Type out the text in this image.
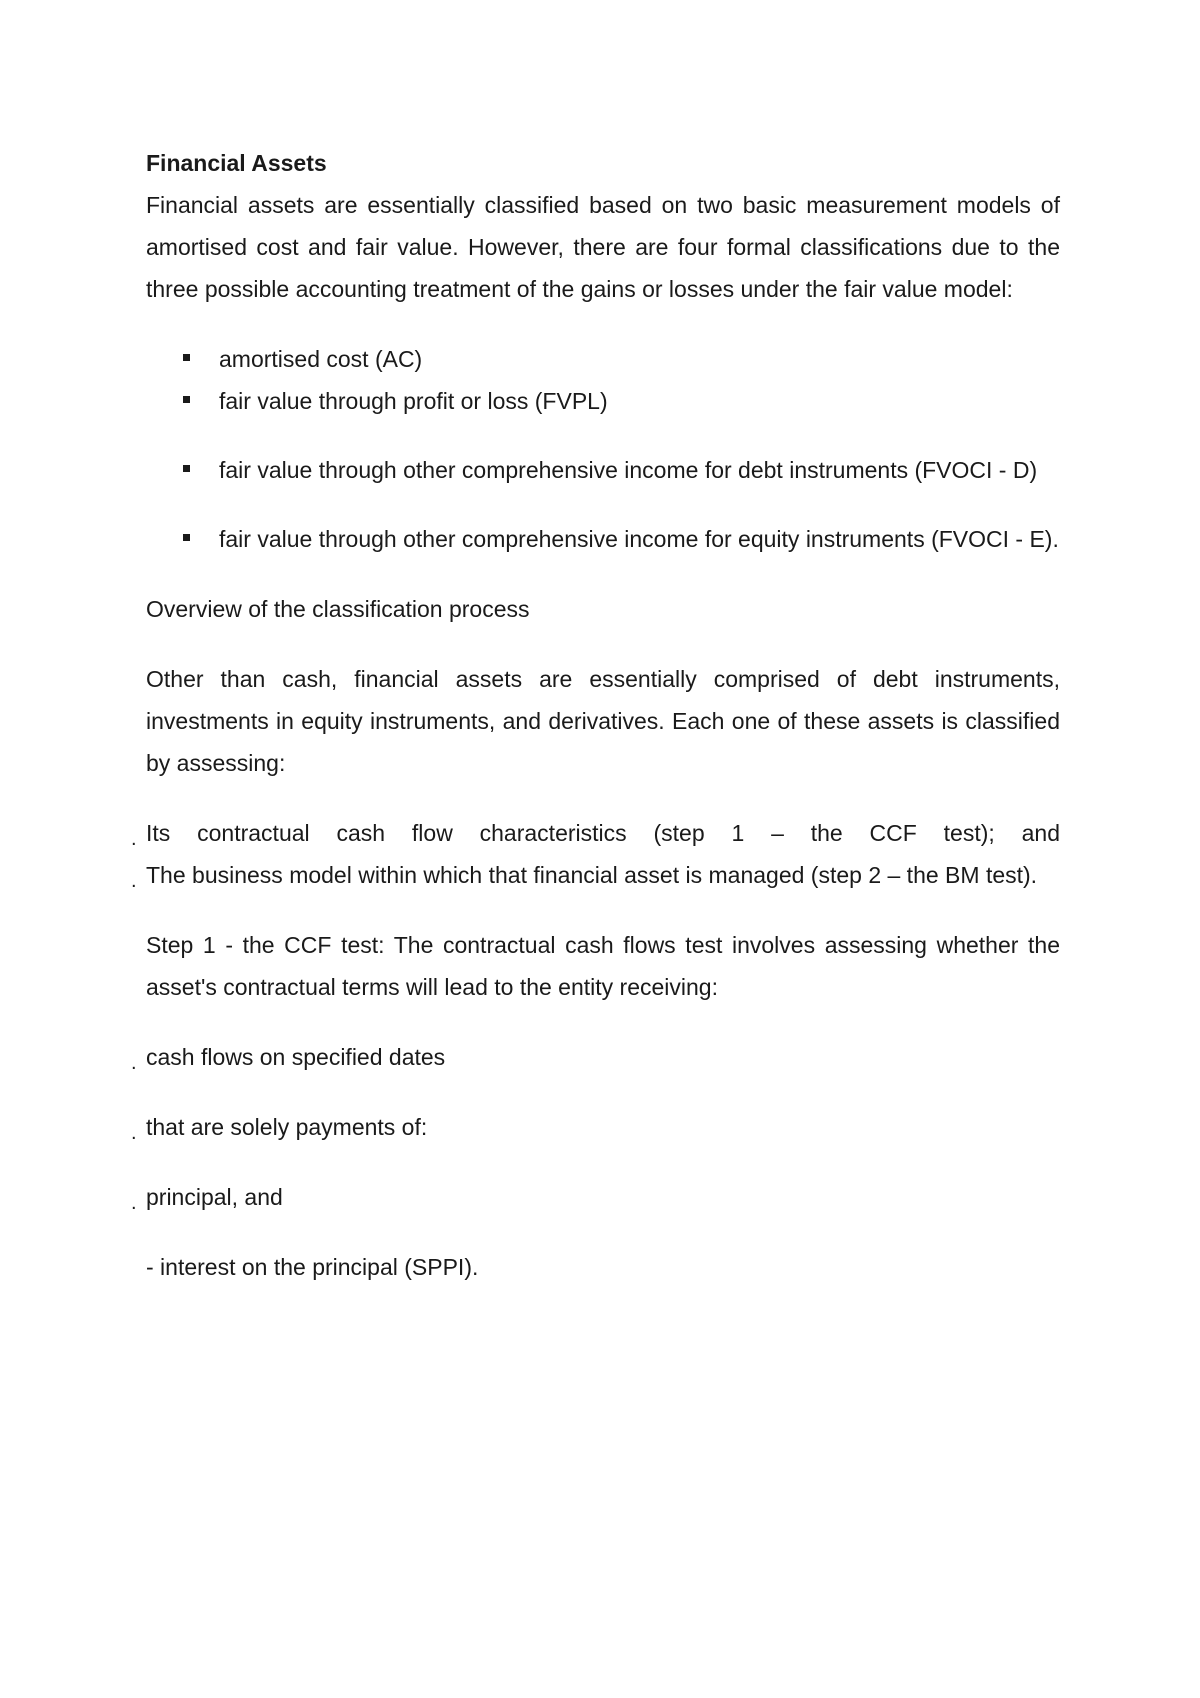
Financial Assets

Financial assets are essentially classified based on two basic measurement models of amortised cost and fair value. However, there are four formal classifications due to the three possible accounting treatment of the gains or losses under the fair value model:

amortised cost (AC)
fair value through profit or loss (FVPL)
fair value through other comprehensive income for debt instruments (FVOCI - D)
fair value through other comprehensive income for equity instruments (FVOCI - E).

Overview of the classification process

Other than cash, financial assets are essentially comprised of debt instruments, investments in equity instruments, and derivatives. Each one of these assets is classified by assessing:

. Its contractual cash flow characteristics (step 1 – the CCF test); and

. The business model within which that financial asset is managed (step 2 – the BM test).

Step 1 - the CCF test: The contractual cash flows test involves assessing whether the asset's contractual terms will lead to the entity receiving:

. cash flows on specified dates

. that are solely payments of:

. principal, and

- interest on the principal (SPPI).
